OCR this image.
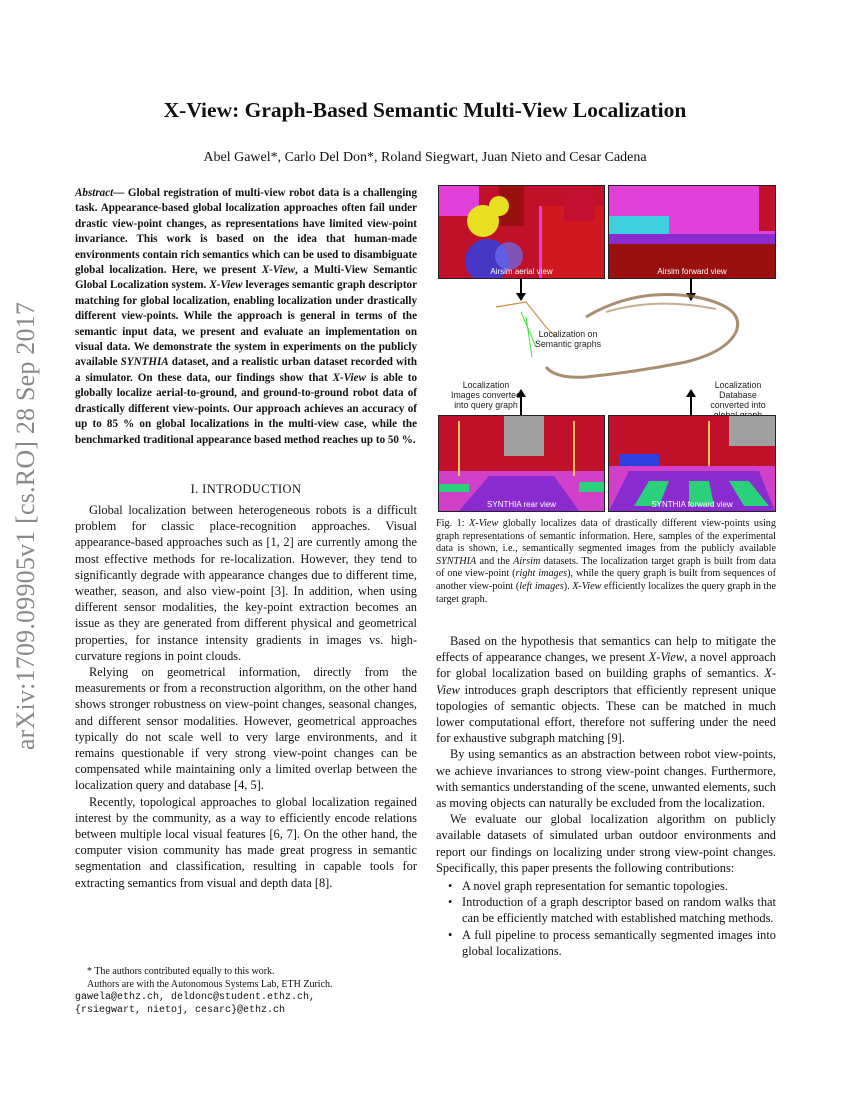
arXiv:1709.09905v1 [cs.RO] 28 Sep 2017
X-View: Graph-Based Semantic Multi-View Localization
Abel Gawel*, Carlo Del Don*, Roland Siegwart, Juan Nieto and Cesar Cadena
Abstract— Global registration of multi-view robot data is a challenging task. Appearance-based global localization approaches often fail under drastic view-point changes, as representations have limited view-point invariance. This work is based on the idea that human-made environments contain rich semantics which can be used to disambiguate global localization. Here, we present X-View, a Multi-View Semantic Global Localization system. X-View leverages semantic graph descriptor matching for global localization, enabling localization under drastically different view-points. While the approach is general in terms of the semantic input data, we present and evaluate an implementation on visual data. We demonstrate the system in experiments on the publicly available SYNTHIA dataset, and a realistic urban dataset recorded with a simulator. On these data, our findings show that X-View is able to globally localize aerial-to-ground, and ground-to-ground robot data of drastically different view-points. Our approach achieves an accuracy of up to 85 % on global localizations in the multi-view case, while the benchmarked traditional appearance based method reaches up to 50 %.
I. INTRODUCTION

Global localization between heterogeneous robots is a difficult problem for classic place-recognition approaches. Visual appearance-based approaches such as [1, 2] are currently among the most effective methods for re-localization. However, they tend to significantly degrade with appearance changes due to different time, weather, season, and also view-point [3]. In addition, when using different sensor modalities, the key-point extraction becomes an issue as they are generated from different physical and geometrical properties, for instance intensity gradients in images vs. high-curvature regions in point clouds.

Relying on geometrical information, directly from the measurements or from a reconstruction algorithm, on the other hand shows stronger robustness on view-point changes, seasonal changes, and different sensor modalities. However, geometrical approaches typically do not scale well to very large environments, and it remains questionable if very strong view-point changes can be compensated while maintaining only a limited overlap between the localization query and database [4, 5].

Recently, topological approaches to global localization regained interest by the community, as a way to efficiently encode relations between multiple local visual features [6, 7]. On the other hand, the computer vision community has made great progress in semantic segmentation and classification, resulting in capable tools for extracting semantics from visual and depth data [8].

* The authors contributed equally to this work.
Authors are with the Autonomous Systems Lab, ETH Zurich.
gawela@ethz.ch, deldonc@student.ethz.ch,
{rsiegwart, nietoj, cesarc}@ethz.ch
Airsim aerial view	Airsim forward view
Localization on Semantic graphs
Localization Images converted into query graph
Localization Database converted into
SYNTHIA rear view	SYNTHIA forward view
Fig. 1: X-View globally localizes data of drastically different view-points using graph representations of semantic information. Here, samples of the experimental data is shown, i.e., semantically segmented images from the publicly available SYNTHIA and the Airsim datasets. The localization target graph is built from data of one view-point (right images), while the query graph is built from sequences of another view-point (left images). X-View efficiently localizes the query graph in the target graph.

Based on the hypothesis that semantics can help to mitigate the effects of appearance changes, we present X-View, a novel approach for global localization based on building graphs of semantics. X-View introduces graph descriptors that efficiently represent unique topologies of semantic objects. These can be matched in much lower computational effort, therefore not suffering under the need for exhaustive subgraph matching [9].

By using semantics as an abstraction between robot view-points, we achieve invariances to strong view-point changes. Furthermore, with semantics understanding of the scene, unwanted elements, such as moving objects can naturally be excluded from the localization.

We evaluate our global localization algorithm on publicly available datasets of simulated urban outdoor environments and report our findings on localizing under strong view-point changes. Specifically, this paper presents the following contributions:

• A novel graph representation for semantic topologies.
• Introduction of a graph descriptor based on random walks that can be efficiently matched with established matching methods.
• A full pipeline to process semantically segmented images into global localizations.
